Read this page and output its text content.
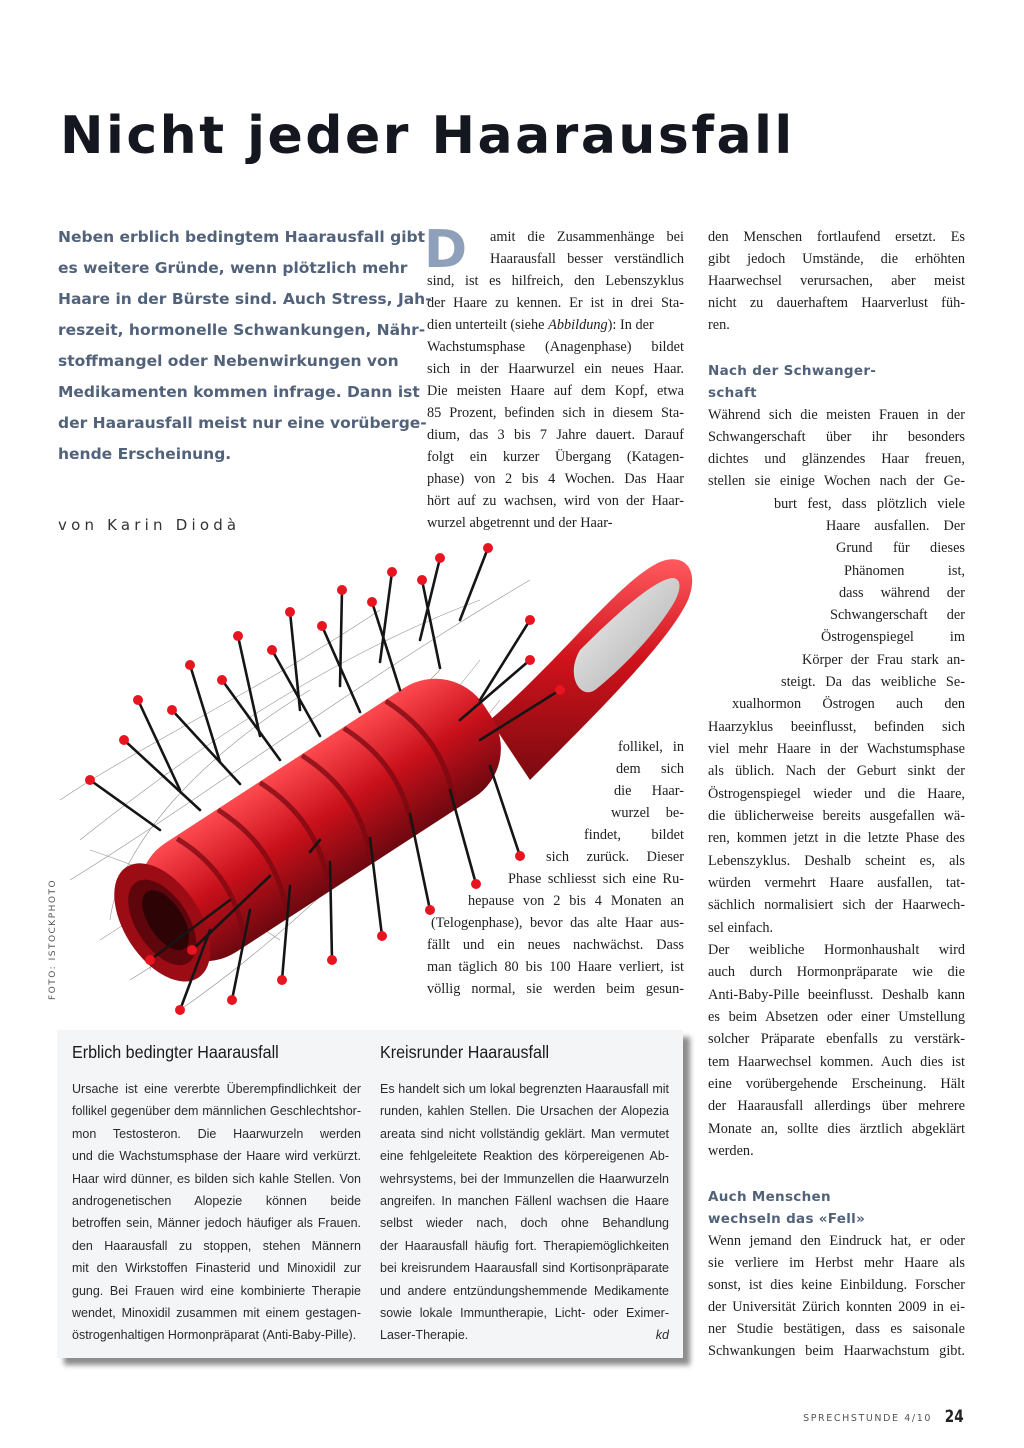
Nicht jeder Haarausfall
Neben erblich bedingtem Haarausfall gibt
es weitere Gründe, wenn plötzlich mehr
Haare in der Bürste sind. Auch Stress, Jah-
reszeit, hormonelle Schwankungen, Nähr-
stoffmangel oder Nebenwirkungen von
Medikamenten kommen infrage. Dann ist
der Haarausfall meist nur eine vorüberge-
hende Erscheinung.
von Karin Diodà
FOTO: ISTOCKPHOTO
D amit die Zusammenhänge bei
Haarausfall besser verständlich
sind, ist es hilfreich, den Lebenszyklus
der Haare zu kennen. Er ist in drei Sta-
dien unterteilt (siehe Abbildung): In der
Wachstumsphase (Anagenphase) bildet
sich in der Haarwurzel ein neues Haar.
Die meisten Haare auf dem Kopf, etwa
85 Prozent, befinden sich in diesem Sta-
dium, das 3 bis 7 Jahre dauert. Darauf
folgt ein kurzer Übergang (Katagen-
phase) von 2 bis 4 Wochen. Das Haar
hört auf zu wachsen, wird von der Haar-
wurzel abgetrennt und der Haar-
follikel, in
dem sich
die Haar-
wurzel be-
findet, bildet
sich zurück. Dieser
Phase schliesst sich eine Ru-
hepause von 2 bis 4 Monaten an
(Telogenphase), bevor das alte Haar aus-
fällt und ein neues nachwächst. Dass
man täglich 80 bis 100 Haare verliert, ist
völlig normal, sie werden beim gesun-
den Menschen fortlaufend ersetzt. Es
gibt jedoch Umstände, die erhöhten
Haarwechsel verursachen, aber meist
nicht zu dauerhaftem Haarverlust füh-
ren.
Nach der Schwanger-
schaft
Während sich die meisten Frauen in der
Schwangerschaft über ihr besonders
dichtes und glänzendes Haar freuen,
stellen sie einige Wochen nach der Ge-
burt fest, dass plötzlich viele
Haare ausfallen. Der
Grund für dieses
Phänomen ist,
dass während der
Schwangerschaft der
Östrogenspiegel im
Körper der Frau stark an-
steigt. Da das weibliche Se-
xualhormon Östrogen auch den
Haarzyklus beeinflusst, befinden sich
viel mehr Haare in der Wachstumsphase
als üblich. Nach der Geburt sinkt der
Östrogenspiegel wieder und die Haare,
die üblicherweise bereits ausgefallen wä-
ren, kommen jetzt in die letzte Phase des
Lebenszyklus. Deshalb scheint es, als
würden vermehrt Haare ausfallen, tat-
sächlich normalisiert sich der Haarwech-
sel einfach.
Der weibliche Hormonhaushalt wird
auch durch Hormonpräparate wie die
Anti-Baby-Pille beeinflusst. Deshalb kann
es beim Absetzen oder einer Umstellung
solcher Präparate ebenfalls zu verstärk-
tem Haarwechsel kommen. Auch dies ist
eine vorübergehende Erscheinung. Hält
der Haarausfall allerdings über mehrere
Monate an, sollte dies ärztlich abgeklärt
werden.
Auch Menschen
wechseln das «Fell»
Wenn jemand den Eindruck hat, er oder
sie verliere im Herbst mehr Haare als
sonst, ist dies keine Einbildung. Forscher
der Universität Zürich konnten 2009 in ei-
ner Studie bestätigen, dass es saisonale
Schwankungen beim Haarwachstum gibt.
Erblich bedingter Haarausfall	Kreisrunder Haarausfall
Ursache ist eine vererbte Überempfindlichkeit der
follikel gegenüber dem männlichen Geschlechtshor-
mon Testosteron. Die Haarwurzeln werden
und die Wachstumsphase der Haare wird verkürzt.
Haar wird dünner, es bilden sich kahle Stellen. Von
androgenetischen Alopezie können beide
betroffen sein, Männer jedoch häufiger als Frauen.
den Haarausfall zu stoppen, stehen Männern
mit den Wirkstoffen Finasterid und Minoxidil zur
gung. Bei Frauen wird eine kombinierte Therapie
wendet, Minoxidil zusammen mit einem gestagen-
östrogenhaltigen Hormonpräparat (Anti-Baby-Pille).
Es handelt sich um lokal begrenzten Haarausfall mit
runden, kahlen Stellen. Die Ursachen der Alopezia
areata sind nicht vollständig geklärt. Man vermutet
eine fehlgeleitete Reaktion des körpereigenen Ab-
wehrsystems, bei der Immunzellen die Haarwurzeln
angreifen. In manchen Fällenl wachsen die Haare
selbst wieder nach, doch ohne Behandlung
der Haarausfall häufig fort. Therapiemöglichkeiten
bei kreisrundem Haarausfall sind Kortisonpräparate
und andere entzündungshemmende Medikamente
sowie lokale Immuntherapie, Licht- oder Eximer-
Laser-Therapie.	kd
SPRECHSTUNDE 4/10 24
